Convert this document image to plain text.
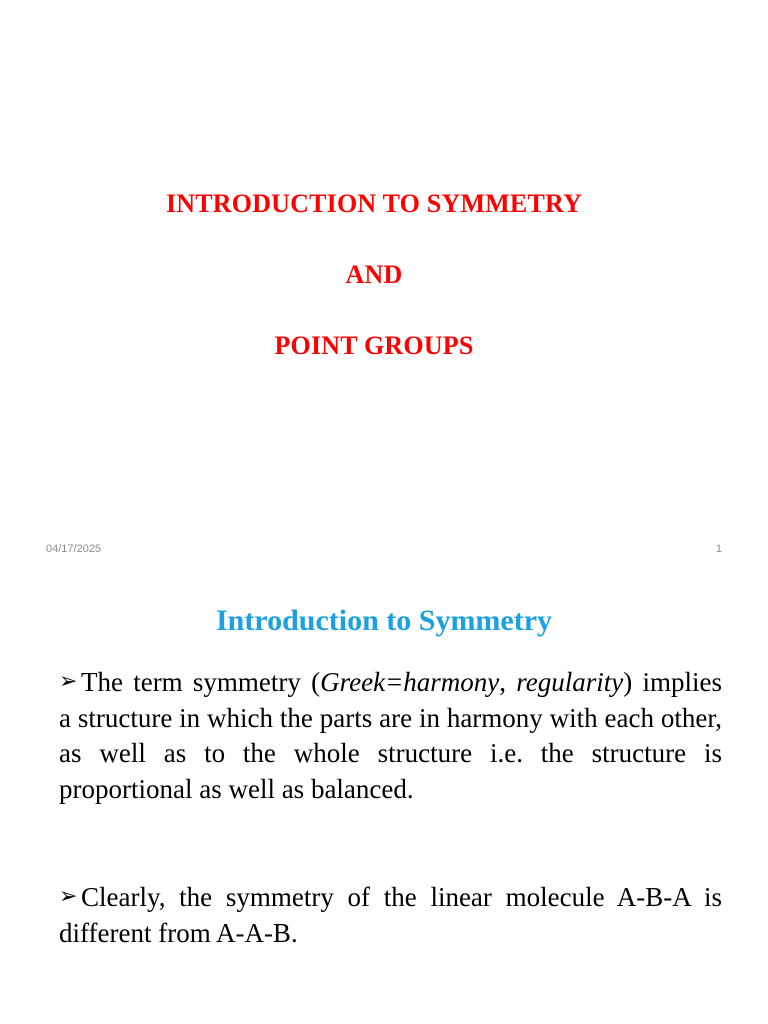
INTRODUCTION TO SYMMETRY
AND
POINT GROUPS
04/17/2025	1
Introduction to Symmetry
➢ The term symmetry (Greek=harmony, regularity) implies a structure in which the parts are in harmony with each other, as well as to the whole structure i.e. the structure is proportional as well as balanced.
➢ Clearly, the symmetry of the linear molecule A-B-A is different from A-A-B.
